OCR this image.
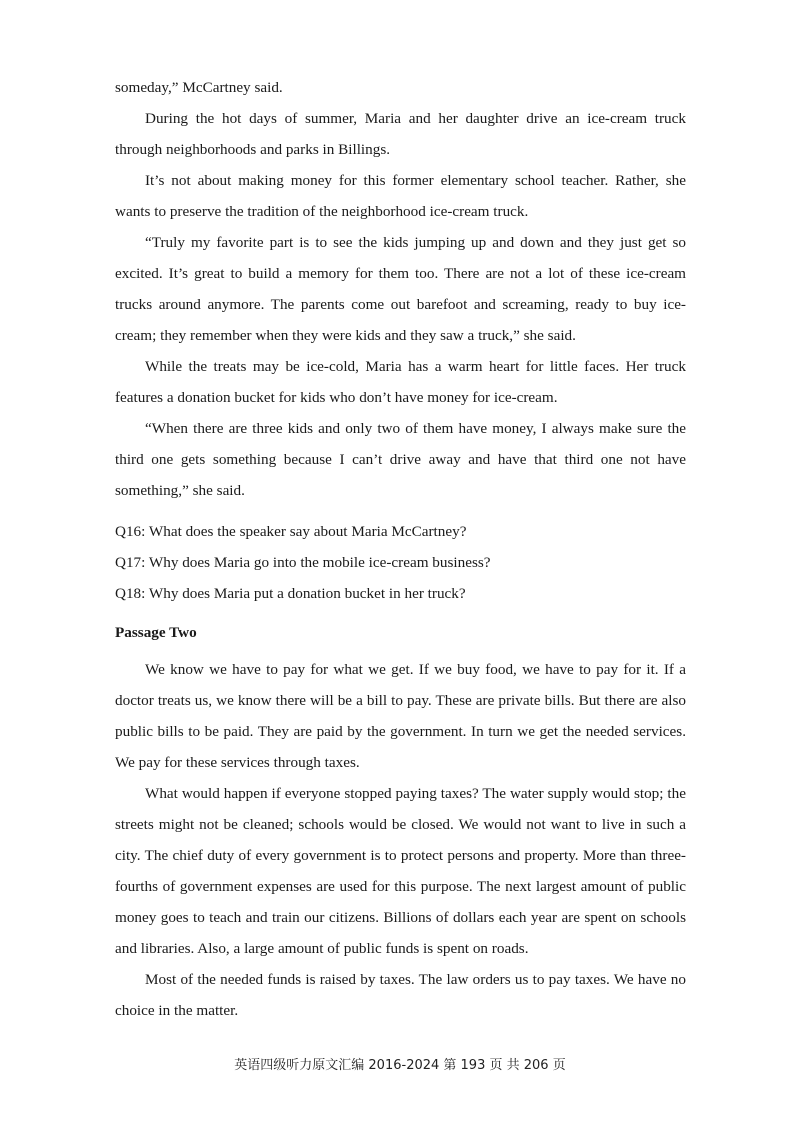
someday,” McCartney said.

During the hot days of summer, Maria and her daughter drive an ice-cream truck through neighborhoods and parks in Billings.

It’s not about making money for this former elementary school teacher. Rather, she wants to preserve the tradition of the neighborhood ice-cream truck.

“Truly my favorite part is to see the kids jumping up and down and they just get so excited. It’s great to build a memory for them too. There are not a lot of these ice-cream trucks around anymore. The parents come out barefoot and screaming, ready to buy ice-cream; they remember when they were kids and they saw a truck,” she said.

While the treats may be ice-cold, Maria has a warm heart for little faces. Her truck features a donation bucket for kids who don’t have money for ice-cream.

“When there are three kids and only two of them have money, I always make sure the third one gets something because I can’t drive away and have that third one not have something,” she said.

Q16: What does the speaker say about Maria McCartney?

Q17: Why does Maria go into the mobile ice-cream business?

Q18: Why does Maria put a donation bucket in her truck?

Passage Two

We know we have to pay for what we get. If we buy food, we have to pay for it. If a doctor treats us, we know there will be a bill to pay. These are private bills. But there are also public bills to be paid. They are paid by the government. In turn we get the needed services. We pay for these services through taxes.

What would happen if everyone stopped paying taxes? The water supply would stop; the streets might not be cleaned; schools would be closed. We would not want to live in such a city. The chief duty of every government is to protect persons and property. More than three-fourths of government expenses are used for this purpose. The next largest amount of public money goes to teach and train our citizens. Billions of dollars each year are spent on schools and libraries. Also, a large amount of public funds is spent on roads.

Most of the needed funds is raised by taxes. The law orders us to pay taxes. We have no choice in the matter.

英语四级听力原文汇编 2016-2024 第 193 页 共 206 页
